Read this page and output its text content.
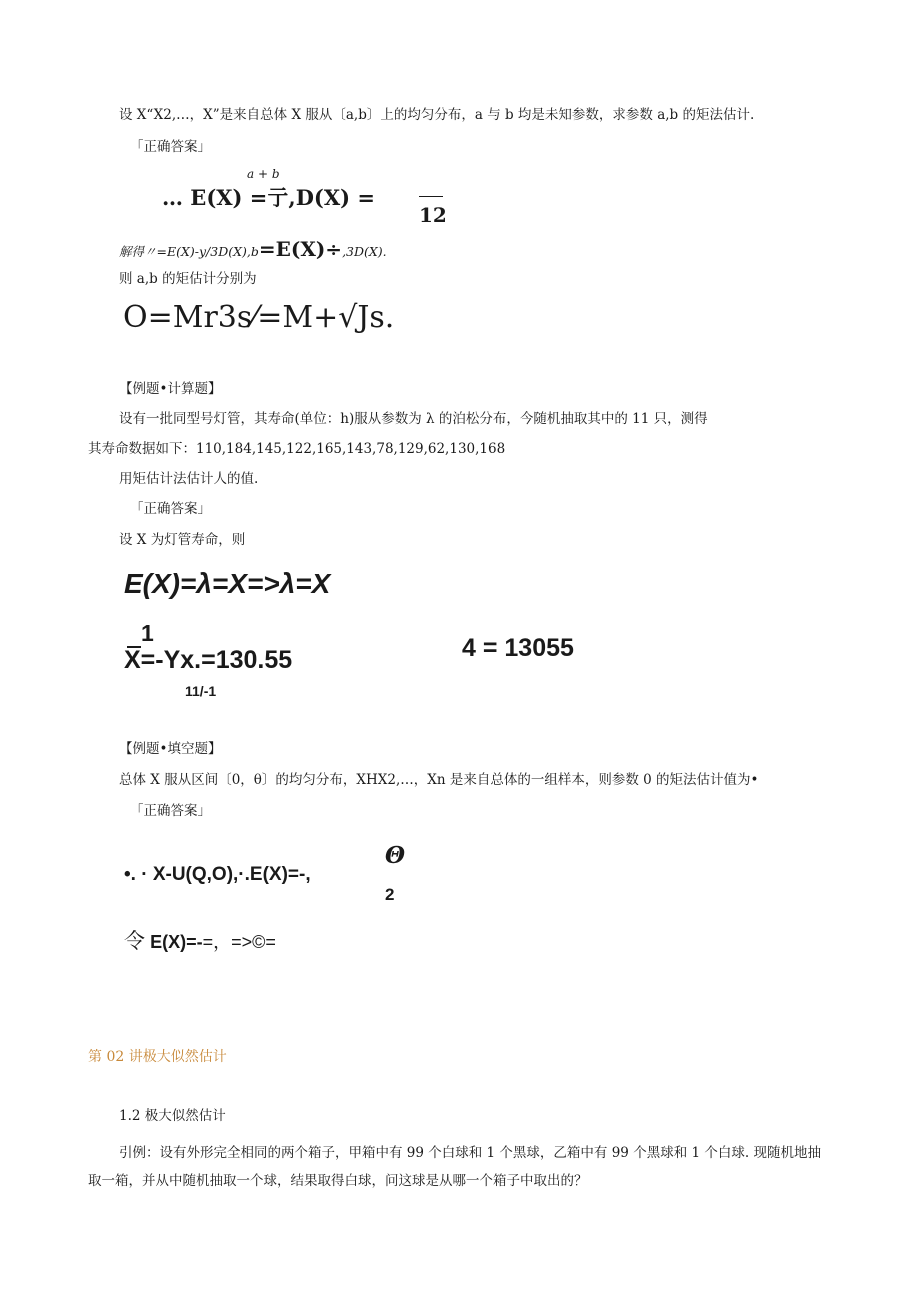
设 X“X2,…，X”是来自总体 X 服从〔a,b〕上的均匀分布，a 与 b 均是未知参数，求参数 a,b 的矩法估计.
「正确答案」
a + b
… E(X) =亍,D(X) =
12
解得〃=E(X)-y∕3D(X),b=E(X)÷,3D(X).
则 a,b 的矩估计分别为
O=Mr3s⁄=M+√Js.
【例题•计算题】
设有一批同型号灯管，其寿命(单位：h)服从参数为 λ 的泊松分布，今随机抽取其中的 11 只，测得
其寿命数据如下：110,184,145,122,165,143,78,129,62,130,168
用矩估计法估计人的值.
「正确答案」
设 X 为灯管寿命，则
E(X)=λ=X=>λ=X
1
X=-Yx.=130.55
11/-1
4 = 13055
【例题•填空题】
总体 X 服从区间〔0，θ〕的均匀分布，XHX2,…，Xn 是来自总体的一组样本，则参数 0 的矩法估计值为•
「正确答案」
Θ
•. · X-U(Q,O),·.E(X)=-,
2
令 E(X)=-=，=>©=
第 02 讲极大似然估计
1.2 极大似然估计
引例：设有外形完全相同的两个箱子，甲箱中有 99 个白球和 1 个黑球，乙箱中有 99 个黑球和 1 个白球. 现随机地抽
取一箱，并从中随机抽取一个球，结果取得白球，问这球是从哪一个箱子中取出的？
